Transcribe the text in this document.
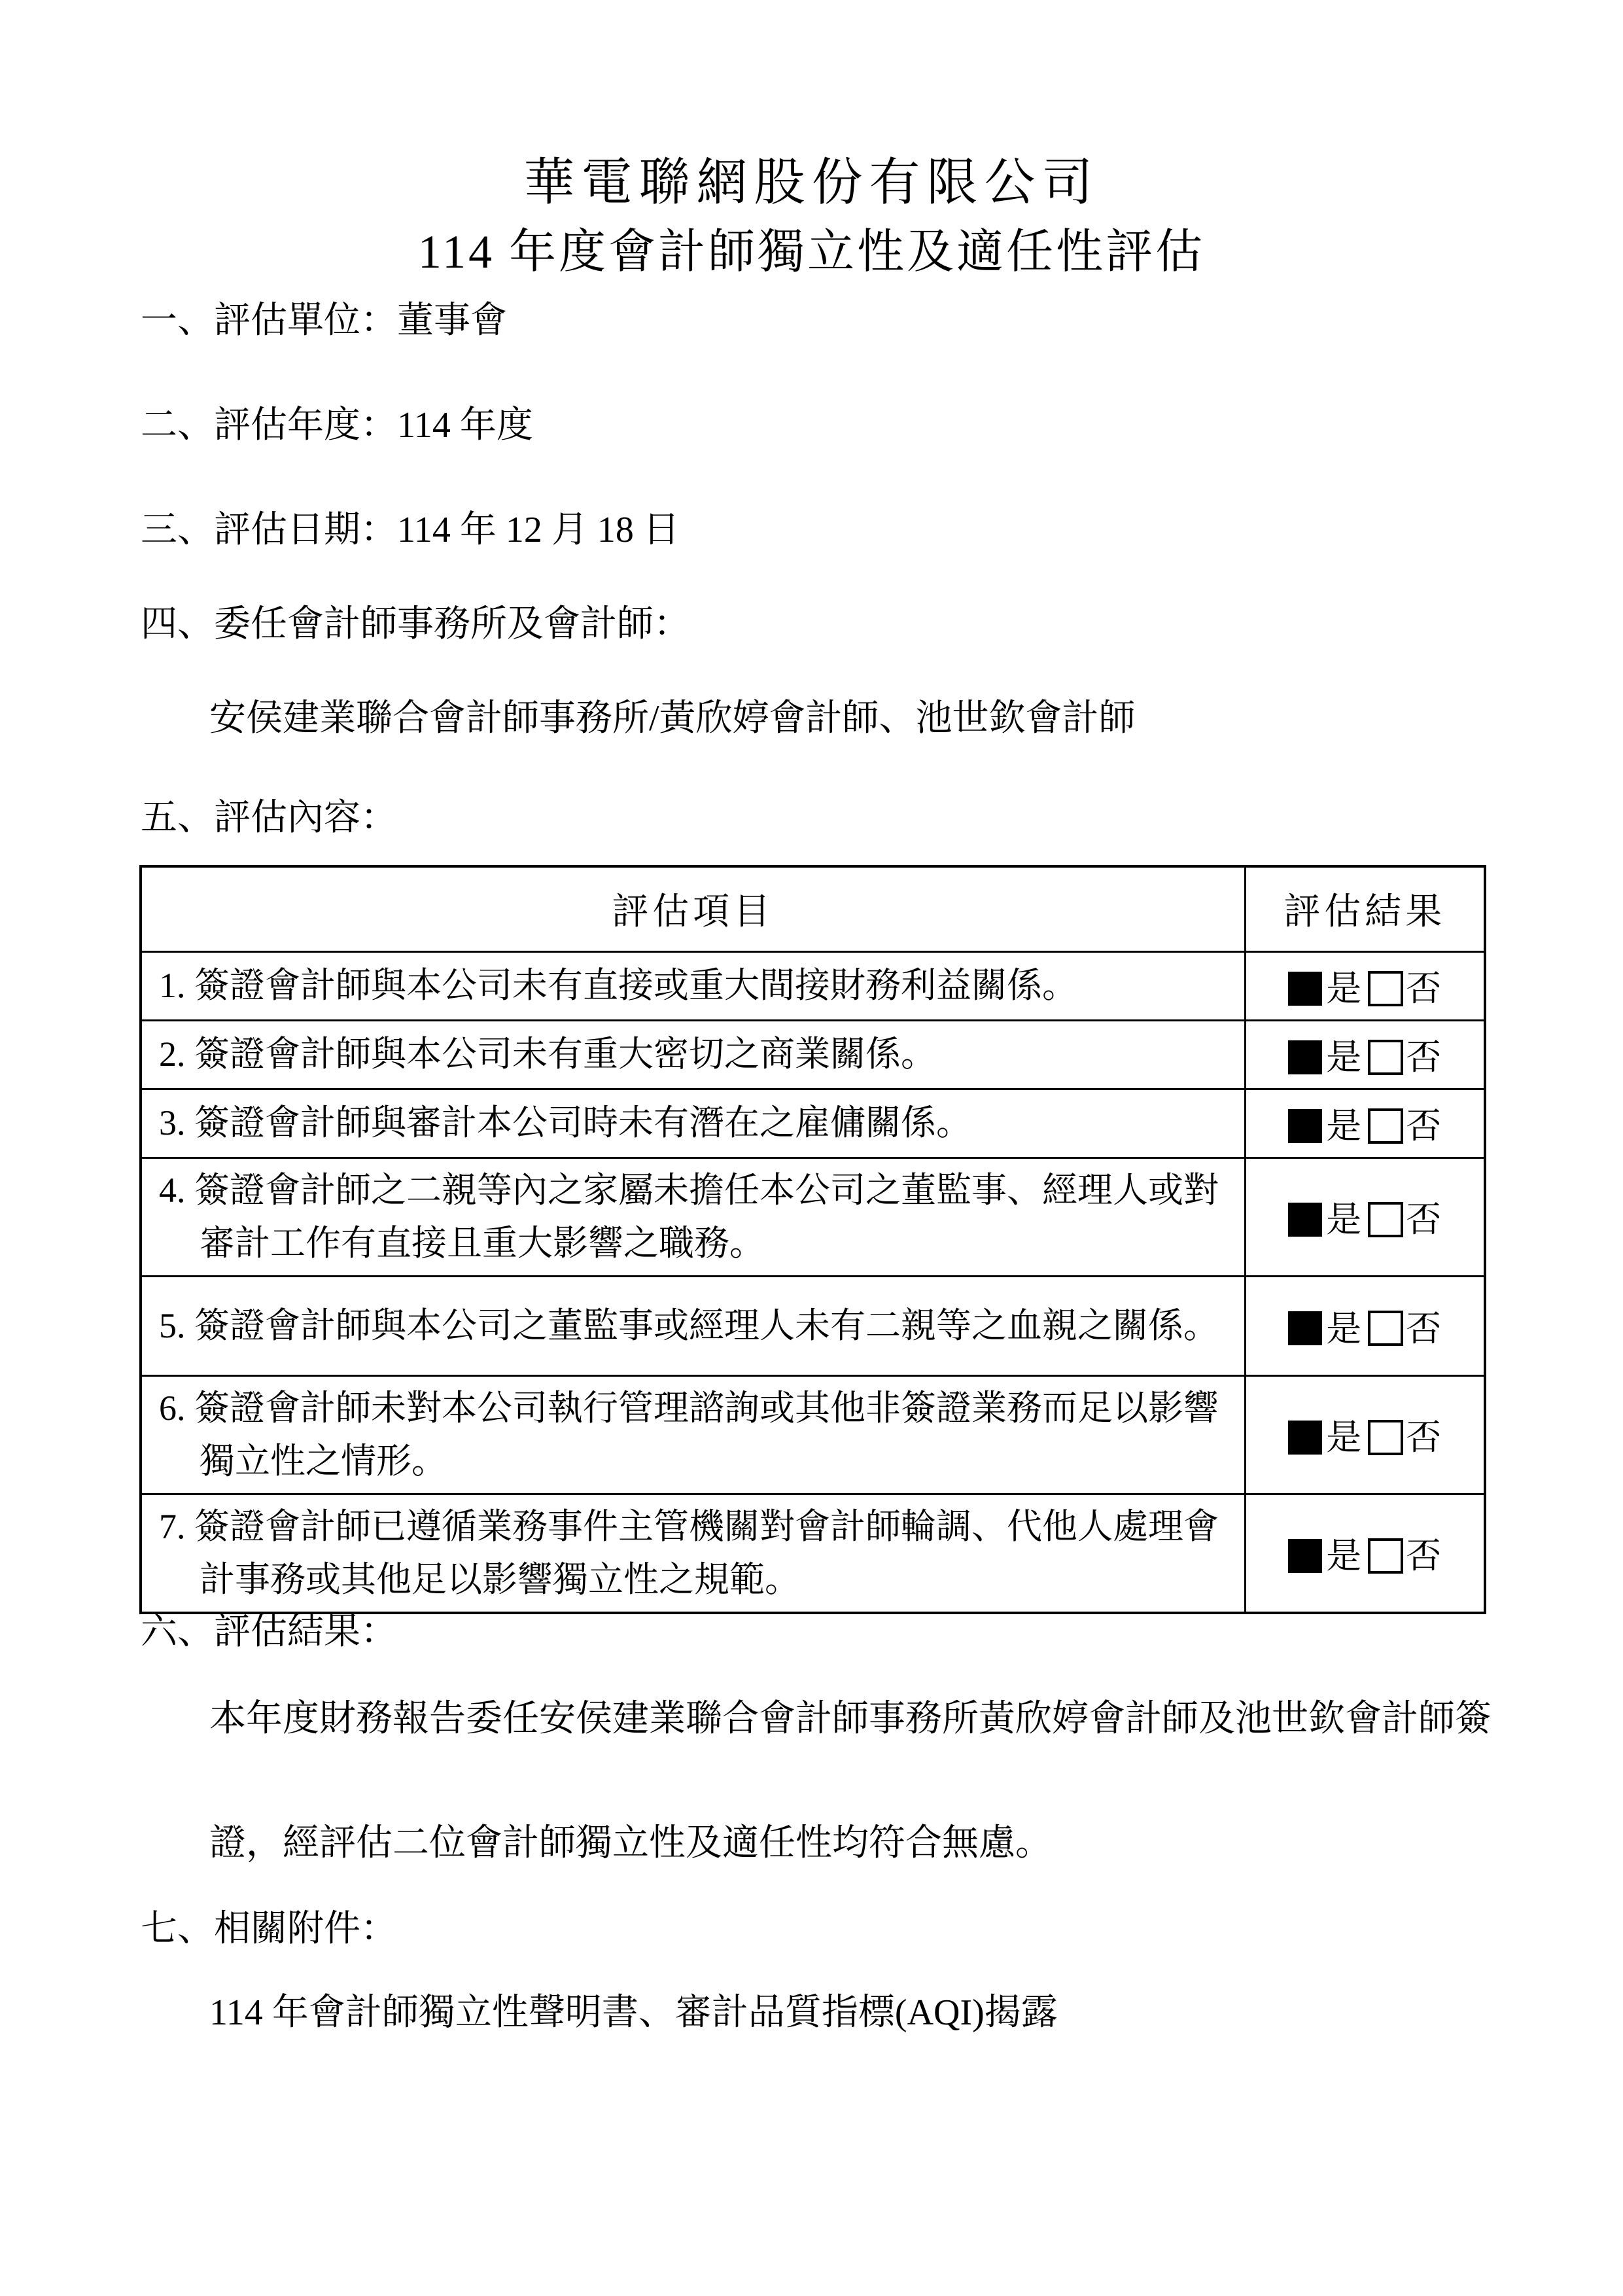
華電聯網股份有限公司
114 年度會計師獨立性及適任性評估
一、評估單位：董事會
二、評估年度：114 年度
三、評估日期：114 年 12 月 18 日
四、委任會計師事務所及會計師：
安侯建業聯合會計師事務所/黃欣婷會計師、池世欽會計師
五、評估內容：
評估項目	評估結果
1. 簽證會計師與本公司未有直接或重大間接財務利益關係。	是 否
2. 簽證會計師與本公司未有重大密切之商業關係。	是 否
3. 簽證會計師與審計本公司時未有潛在之雇傭關係。	是 否
4. 簽證會計師之二親等內之家屬未擔任本公司之董監事、經理人或對審計工作有直接且重大影響之職務。	是 否
5. 簽證會計師與本公司之董監事或經理人未有二親等之血親之關係。	是 否
6. 簽證會計師未對本公司執行管理諮詢或其他非簽證業務而足以影響獨立性之情形。	是 否
7. 簽證會計師已遵循業務事件主管機關對會計師輪調、代他人處理會計事務或其他足以影響獨立性之規範。	是 否
六、評估結果：
本年度財務報告委任安侯建業聯合會計師事務所黃欣婷會計師及池世欽會計師簽證，經評估二位會計師獨立性及適任性均符合無慮。
七、相關附件：
114 年會計師獨立性聲明書、審計品質指標(AQI)揭露
